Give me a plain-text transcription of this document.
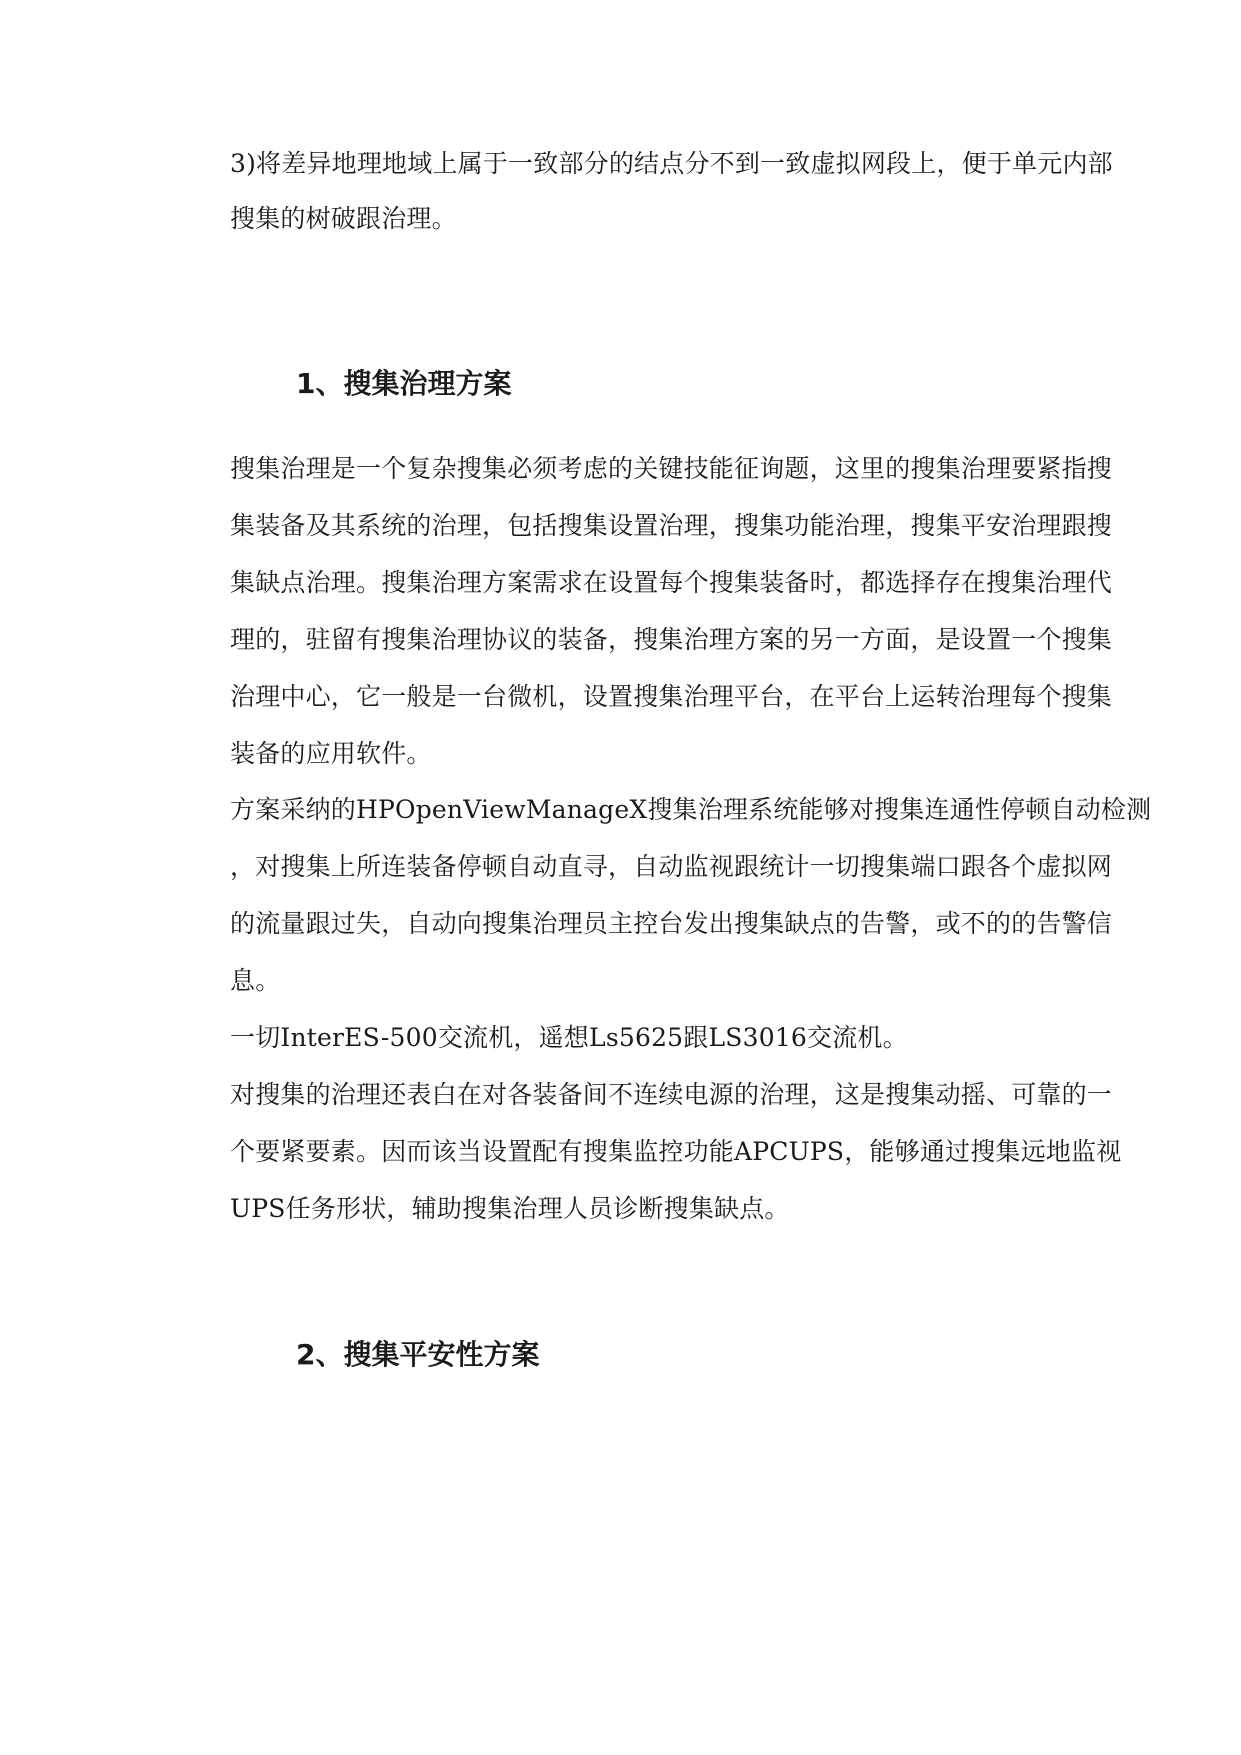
3)将差异地理地域上属于一致部分的结点分不到一致虚拟网段上，便于单元内部
搜集的树破跟治理。
1、搜集治理方案
搜集治理是一个复杂搜集必须考虑的关键技能征询题，这里的搜集治理要紧指搜
集装备及其系统的治理，包括搜集设置治理，搜集功能治理，搜集平安治理跟搜
集缺点治理。搜集治理方案需求在设置每个搜集装备时，都选择存在搜集治理代
理的，驻留有搜集治理协议的装备，搜集治理方案的另一方面，是设置一个搜集
治理中心，它一般是一台微机，设置搜集治理平台，在平台上运转治理每个搜集
装备的应用软件。
方案采纳的HPOpenViewManageX搜集治理系统能够对搜集连通性停顿自动检测
，对搜集上所连装备停顿自动直寻，自动监视跟统计一切搜集端口跟各个虚拟网
的流量跟过失，自动向搜集治理员主控台发出搜集缺点的告警，或不的的告警信
息。
一切InterES-500交流机，遥想Ls5625跟LS3016交流机。
对搜集的治理还表白在对各装备间不连续电源的治理，这是搜集动摇、可靠的一
个要紧要素。因而该当设置配有搜集监控功能APCUPS，能够通过搜集远地监视
UPS任务形状，辅助搜集治理人员诊断搜集缺点。
2、搜集平安性方案
